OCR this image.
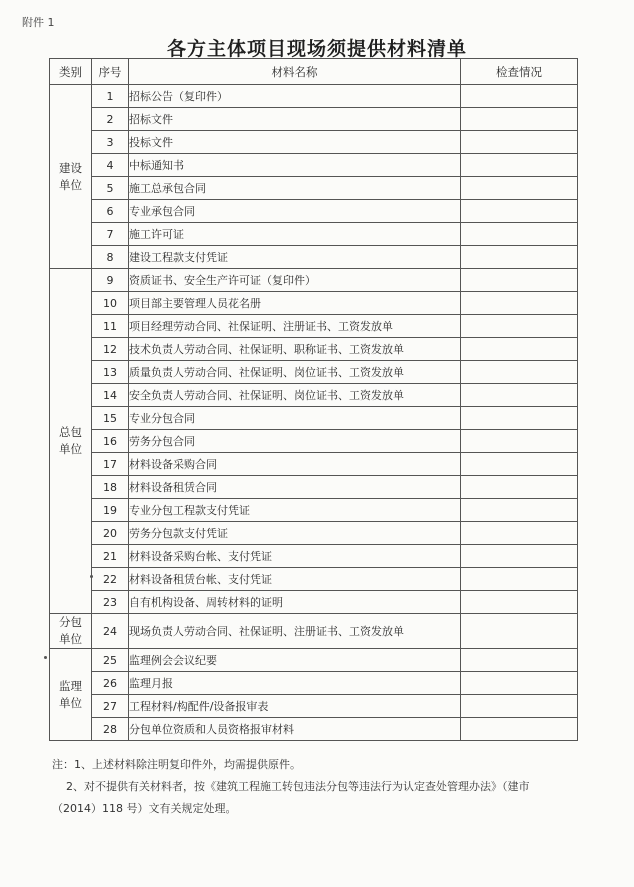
附件 1
各方主体项目现场须提供材料清单
类别	序号	材料名称	检查情况

建设
单位	1	招标公告（复印件）	
	2	招标文件	
	3	投标文件	
	4	中标通知书	
	5	施工总承包合同	
	6	专业承包合同	
	7	施工许可证	
	8	建设工程款支付凭证	

总包
单位	9	资质证书、安全生产许可证（复印件）	
	10	项目部主要管理人员花名册	
	11	项目经理劳动合同、社保证明、注册证书、工资发放单	
	12	技术负责人劳动合同、社保证明、职称证书、工资发放单	
	13	质量负责人劳动合同、社保证明、岗位证书、工资发放单	
	14	安全负责人劳动合同、社保证明、岗位证书、工资发放单	
	15	专业分包合同	
	16	劳务分包合同	
	17	材料设备采购合同	
	18	材料设备租赁合同	
	19	专业分包工程款支付凭证	
	20	劳务分包款支付凭证	
	21	材料设备采购台帐、支付凭证	
	22	材料设备租赁台帐、支付凭证	
	23	自有机构设备、周转材料的证明	

分包
单位	24	现场负责人劳动合同、社保证明、注册证书、工资发放单	

监理
单位	25	监理例会会议纪要	
	26	监理月报	
	27	工程材料/构配件/设备报审表	
	28	分包单位资质和人员资格报审材料	

注：1、上述材料除注明复印件外，均需提供原件。

2、对不提供有关材料者，按《建筑工程施工转包违法分包等违法行为认定查处管理办法》（建市

（2014）118 号）文有关规定处理。
